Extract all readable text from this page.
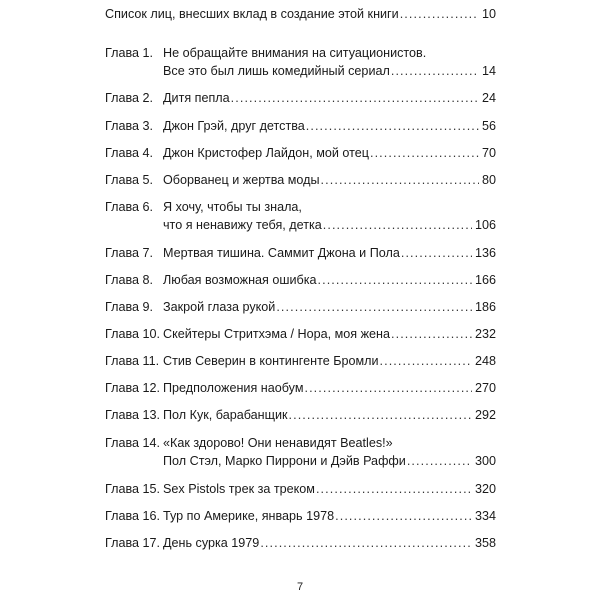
Список лиц, внесших вклад в создание этой книги . . .	10
Глава 1. Не обращайте внимания на ситуационистов.
Все это был лишь комедийный сериал . . .	14
Глава 2. Дитя пепла . . .	24
Глава 3. Джон Грэй, друг детства . . .	56
Глава 4. Джон Кристофер Лайдон, мой отец . . .	70
Глава 5. Оборванец и жертва моды . . .	80
Глава 6. Я хочу, чтобы ты знала,
что я ненавижу тебя, детка . . .	106
Глава 7. Мертвая тишина. Саммит Джона и Пола . . .	136
Глава 8. Любая возможная ошибка . . .	166
Глава 9. Закрой глаза рукой . . .	186
Глава 10. Скейтеры Стритхэма / Нора, моя жена . . .	232
Глава 11. Стив Северин в контингенте Бромли . . .	248
Глава 12. Предположения наобум . . .	270
Глава 13. Пол Кук, барабанщик . . .	292
Глава 14. «Как здорово! Они ненавидят Beatles!»
Пол Стэл, Марко Пиррони и Дэйв Раффи . . .	300
Глава 15. Sex Pistols трек за треком . . .	320
Глава 16. Тур по Америке, январь 1978 . . .	334
Глава 17. День сурка 1979 . . .	358
7
